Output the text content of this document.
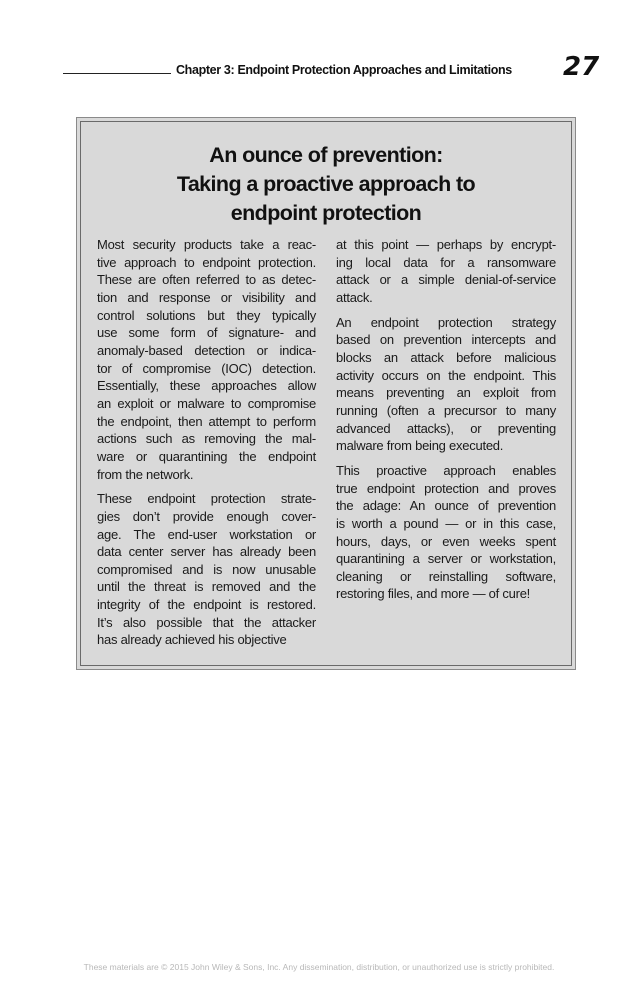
Chapter 3: Endpoint Protection Approaches and Limitations 27
An ounce of prevention:
Taking a proactive approach to
endpoint protection

Most security products take a reac-
tive approach to endpoint protection.
These are often referred to as detec-
tion and response or visibility and
control solutions but they typically
use some form of signature- and
anomaly-based detection or indica-
tor of compromise (IOC) detection.
Essentially, these approaches allow
an exploit or malware to compromise
the endpoint, then attempt to perform
actions such as removing the mal-
ware or quarantining the endpoint
from the network.

These endpoint protection strate-
gies don’t provide enough cover-
age. The end-user workstation or
data center server has already been
compromised and is now unusable
until the threat is removed and the
integrity of the endpoint is restored.
It’s also possible that the attacker
has already achieved his objective

at this point — perhaps by encrypt-
ing local data for a ransomware
attack or a simple denial-of-service
attack.

An endpoint protection strategy
based on prevention intercepts and
blocks an attack before malicious
activity occurs on the endpoint. This
means preventing an exploit from
running (often a precursor to many
advanced attacks), or preventing
malware from being executed.

This proactive approach enables
true endpoint protection and proves
the adage: An ounce of prevention
is worth a pound — or in this case,
hours, days, or even weeks spent
quarantining a server or workstation,
cleaning or reinstalling software,
restoring files, and more — of cure!

These materials are © 2015 John Wiley & Sons, Inc. Any dissemination, distribution, or unauthorized use is strictly prohibited.
